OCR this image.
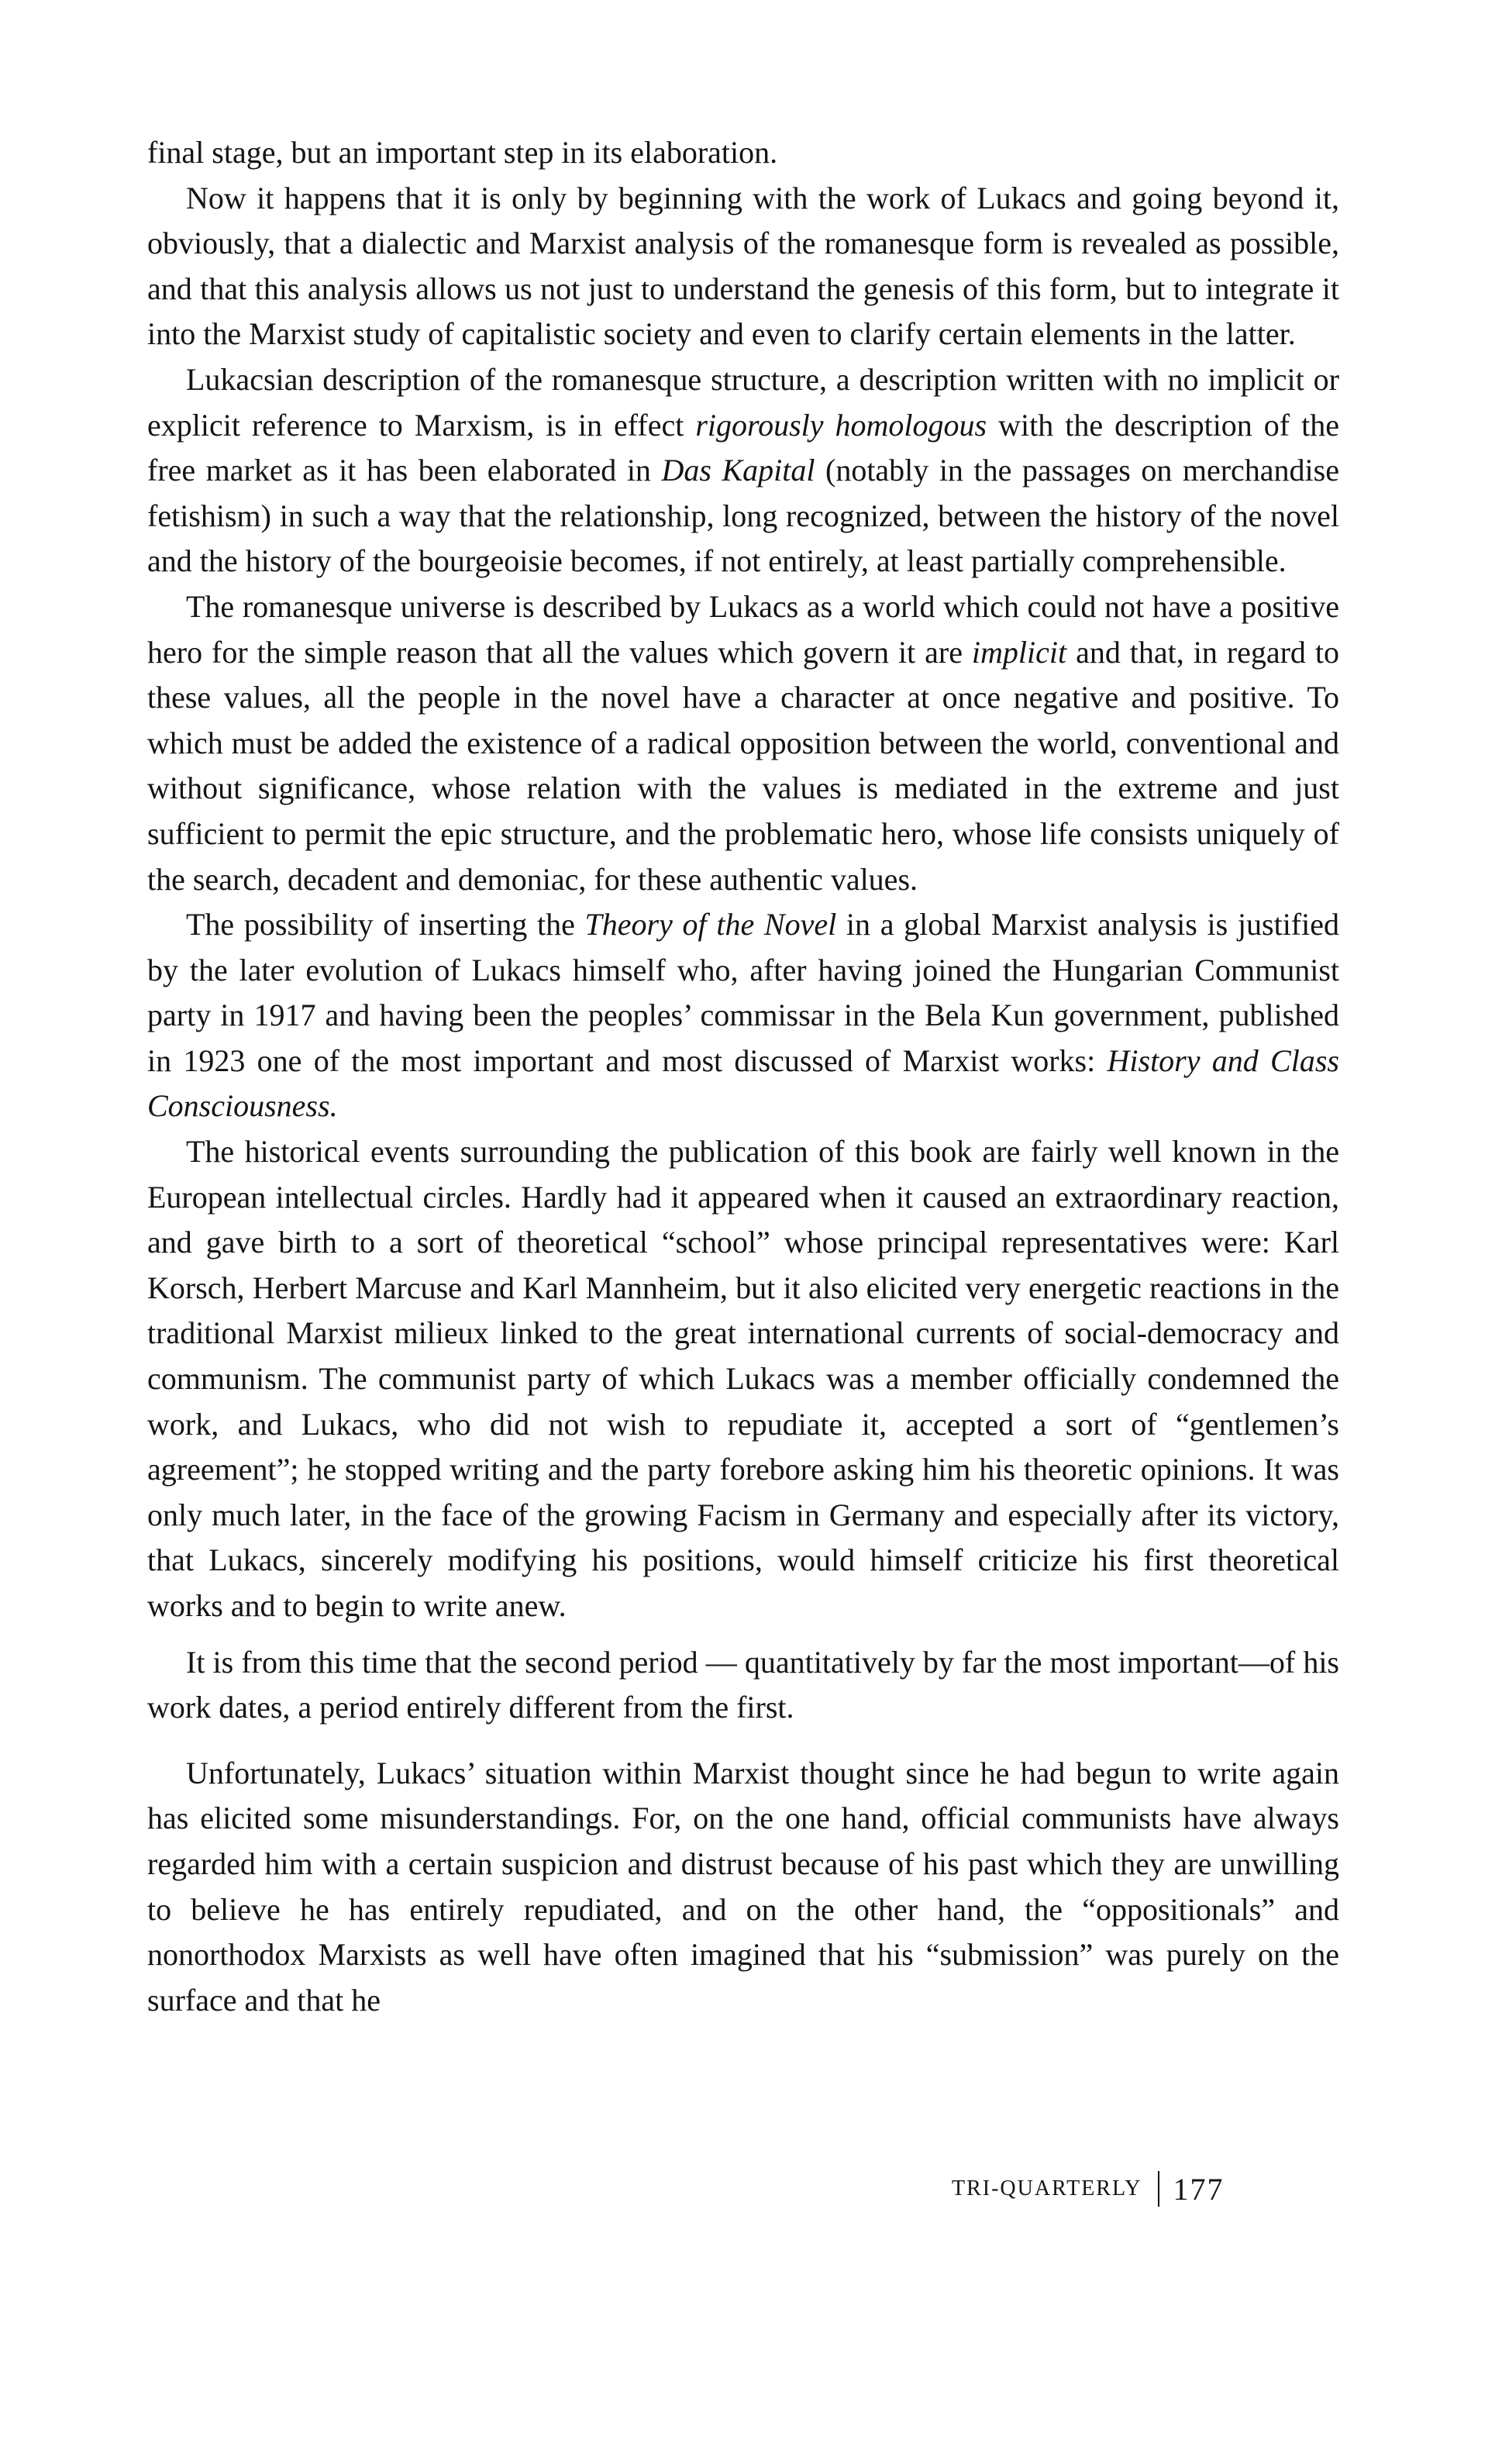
final stage, but an important step in its elaboration.

Now it happens that it is only by beginning with the work of Lukacs and going beyond it, obviously, that a dialectic and Marxist analysis of the romanesque form is revealed as possible, and that this analysis allows us not just to understand the genesis of this form, but to integrate it into the Marxist study of capitalistic society and even to clarify certain elements in the latter.

Lukacsian description of the romanesque structure, a description written with no implicit or explicit reference to Marxism, is in effect rigorously homologous with the description of the free market as it has been elaborated in Das Kapital (notably in the passages on merchandise fetishism) in such a way that the relationship, long recognized, between the history of the novel and the history of the bourgeoisie becomes, if not entirely, at least partially comprehensible.

The romanesque universe is described by Lukacs as a world which could not have a positive hero for the simple reason that all the values which govern it are implicit and that, in regard to these values, all the people in the novel have a character at once negative and positive. To which must be added the existence of a radical opposition between the world, conventional and without significance, whose relation with the values is mediated in the extreme and just sufficient to permit the epic structure, and the problematic hero, whose life consists uniquely of the search, decadent and demoniac, for these authentic values.

The possibility of inserting the Theory of the Novel in a global Marxist analysis is justified by the later evolution of Lukacs himself who, after having joined the Hungarian Communist party in 1917 and having been the peoples’ commissar in the Bela Kun government, published in 1923 one of the most important and most discussed of Marxist works: History and Class Consciousness.

The historical events surrounding the publication of this book are fairly well known in the European intellectual circles. Hardly had it appeared when it caused an extraordinary reaction, and gave birth to a sort of theoretical “school” whose principal representatives were: Karl Korsch, Herbert Marcuse and Karl Mannheim, but it also elicited very energetic reactions in the traditional Marxist milieux linked to the great international currents of social-democracy and communism. The communist party of which Lukacs was a member officially condemned the work, and Lukacs, who did not wish to repudiate it, accepted a sort of “gentlemen’s agreement”; he stopped writing and the party forebore asking him his theoretic opinions. It was only much later, in the face of the growing Facism in Germany and especially after its victory, that Lukacs, sincerely modifying his positions, would himself criticize his first theoretical works and to begin to write anew.

It is from this time that the second period — quantitatively by far the most important—of his work dates, a period entirely different from the first.

Unfortunately, Lukacs’ situation within Marxist thought since he had begun to write again has elicited some misunderstandings. For, on the one hand, official communists have always regarded him with a certain suspicion and distrust because of his past which they are unwilling to believe he has entirely repudiated, and on the other hand, the “oppositionals” and nonorthodox Marxists as well have often imagined that his “submission” was purely on the surface and that he

TRI-QUARTERLY 177
